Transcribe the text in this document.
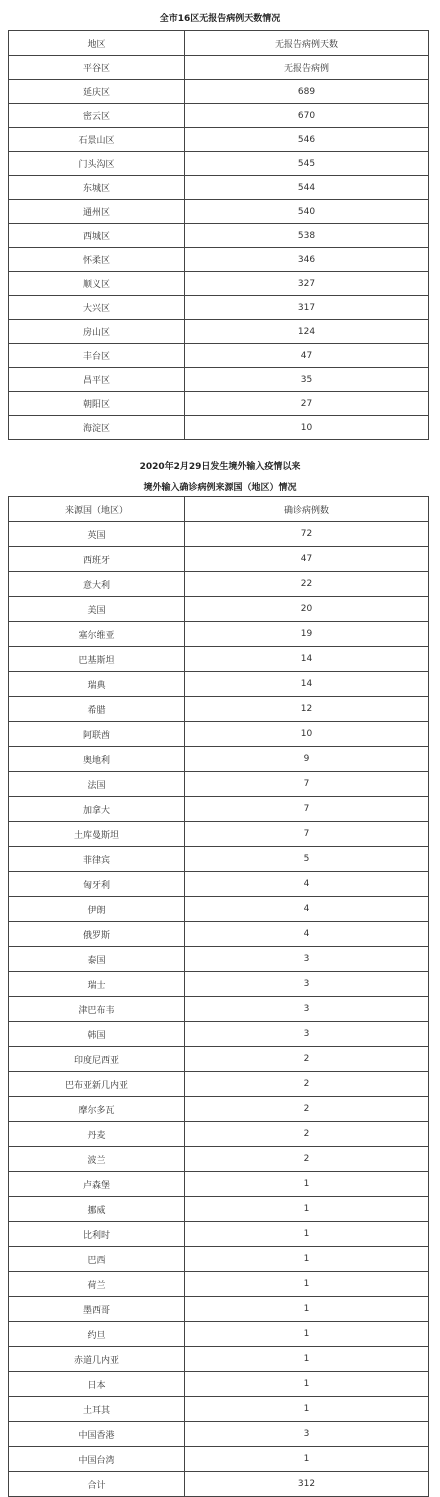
全市16区无报告病例天数情况
地区	无报告病例天数
平谷区	无报告病例
延庆区	689
密云区	670
石景山区	546
门头沟区	545
东城区	544
通州区	540
西城区	538
怀柔区	346
顺义区	327
大兴区	317
房山区	124
丰台区	47
昌平区	35
朝阳区	27
海淀区	10
2020年2月29日发生境外输入疫情以来
境外输入确诊病例来源国（地区）情况
来源国（地区）	确诊病例数
英国	72
西班牙	47
意大利	22
美国	20
塞尔维亚	19
巴基斯坦	14
瑞典	14
希腊	12
阿联酋	10
奥地利	9
法国	7
加拿大	7
土库曼斯坦	7
菲律宾	5
匈牙利	4
伊朗	4
俄罗斯	4
泰国	3
瑞士	3
津巴布韦	3
韩国	3
印度尼西亚	2
巴布亚新几内亚	2
摩尔多瓦	2
丹麦	2
波兰	2
卢森堡	1
挪威	1
比利时	1
巴西	1
荷兰	1
墨西哥	1
约旦	1
赤道几内亚	1
日本	1
土耳其	1
中国香港	3
中国台湾	1
合计	312
